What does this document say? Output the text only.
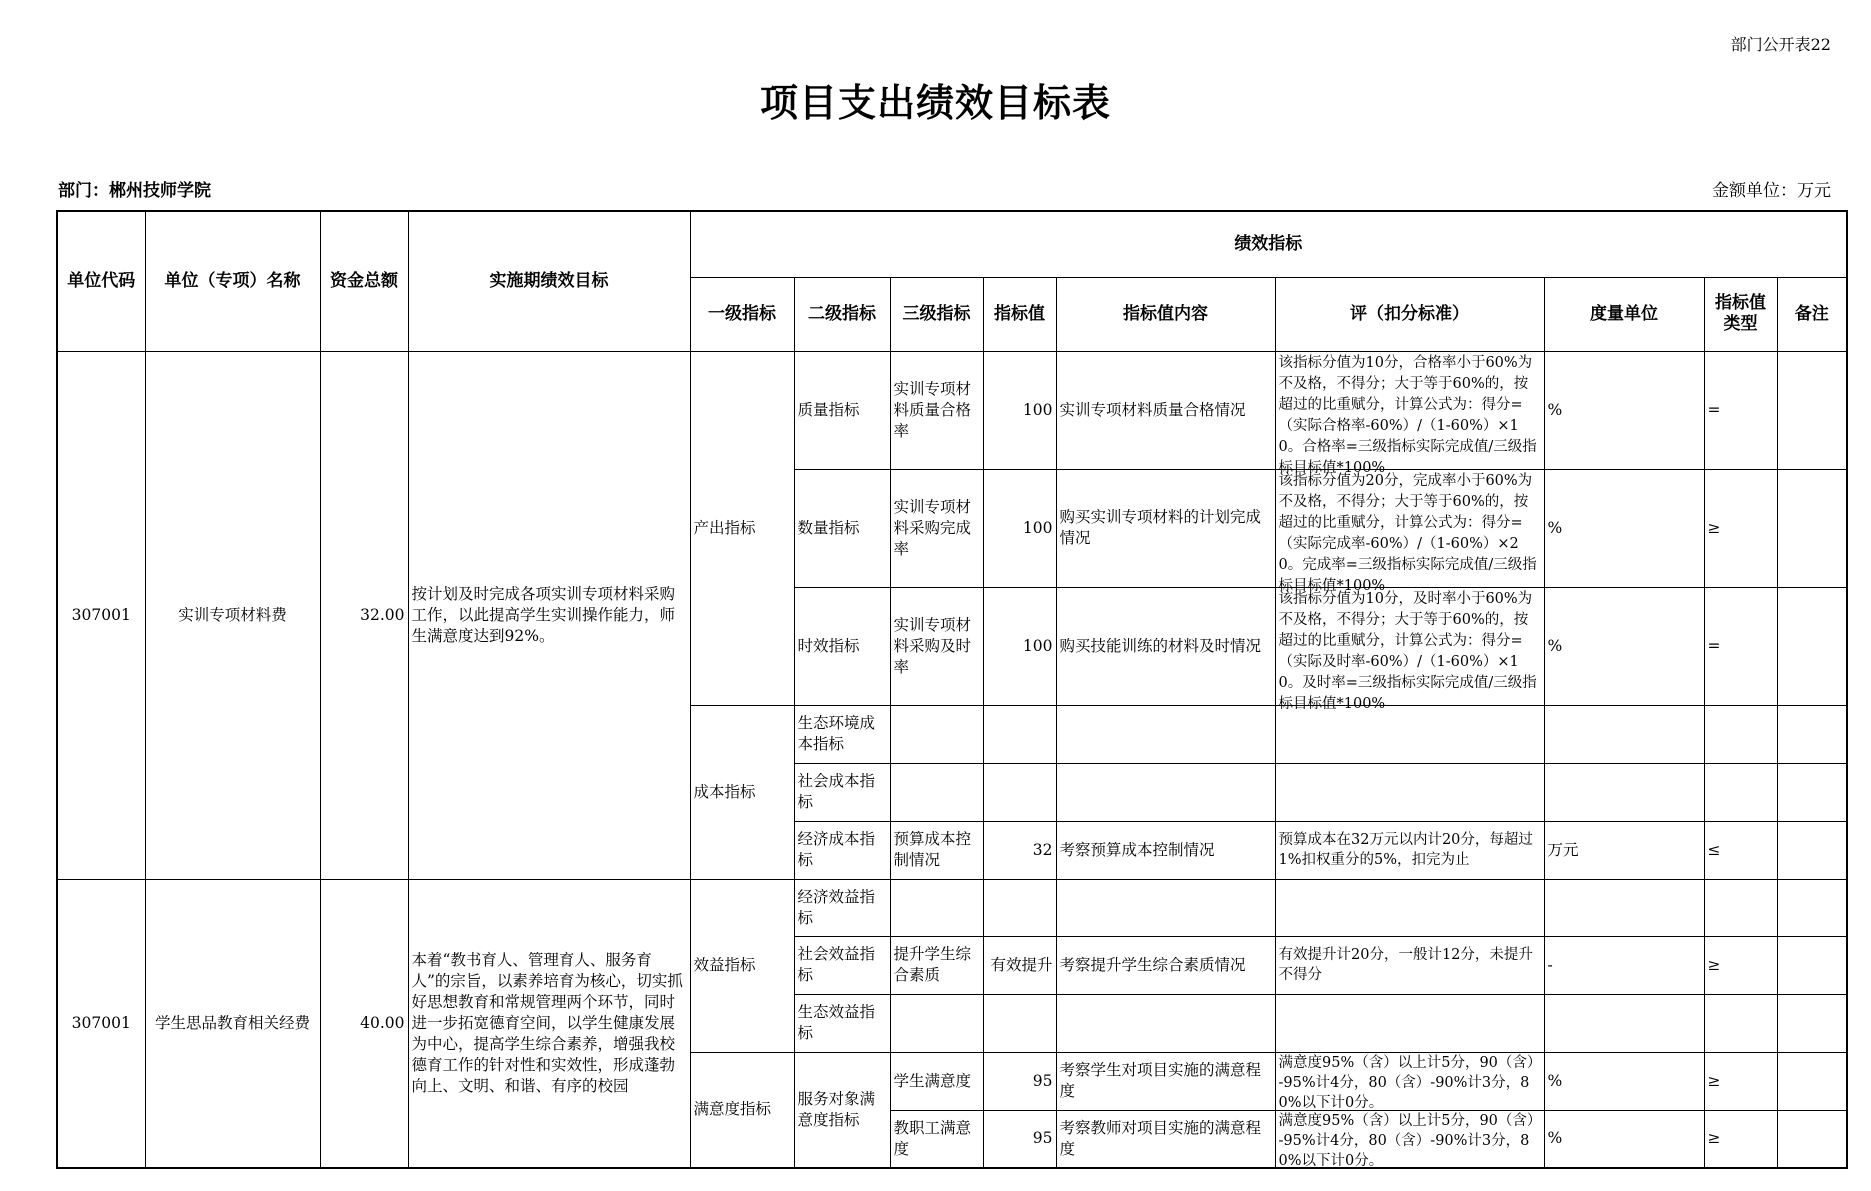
部门公开表22
项目支出绩效目标表
部门：郴州技师学院	金额单位：万元
单位代码	单位（专项）名称	资金总额	实施期绩效目标	绩效指标								
				一级指标	二级指标	三级指标	指标值	指标值内容	评（扣分标准）	度量单位	指标值类型	备注
307001	实训专项材料费	32.00	按计划及时完成各项实训专项材料采购工作，以此提高学生实训操作能力，师生满意度达到92%。	产出指标	质量指标	实训专项材料质量合格率	100	实训专项材料质量合格情况	该指标分值为10分，合格率小于60%为不及格，不得分；大于等于60%的，按超过的比重赋分，计算公式为：得分=（实际合格率-60%）/（1-60%）×10。合格率=三级指标实际完成值/三级指标目标值*100%	%	=	
					数量指标	实训专项材料采购完成率	100	购买实训专项材料的计划完成情况	该指标分值为20分，完成率小于60%为不及格，不得分；大于等于60%的，按超过的比重赋分，计算公式为：得分=（实际完成率-60%）/（1-60%）×20。完成率=三级指标实际完成值/三级指标目标值*100%	%	≥	
					时效指标	实训专项材料采购及时率	100	购买技能训练的材料及时情况	该指标分值为10分，及时率小于60%为不及格，不得分；大于等于60%的，按超过的比重赋分，计算公式为：得分=（实际及时率-60%）/（1-60%）×10。及时率=三级指标实际完成值/三级指标目标值*100%	%	=	
				成本指标	生态环境成本指标							
					社会成本指标							
					经济成本指标	预算成本控制情况	32	考察预算成本控制情况	预算成本在32万元以内计20分，每超过1%扣权重分的5%，扣完为止	万元	≤	
307001	学生思品教育相关经费	40.00	本着“教书育人、管理育人、服务育人”的宗旨，以素养培育为核心，切实抓好思想教育和常规管理两个环节，同时进一步拓宽德育空间，以学生健康发展为中心，提高学生综合素养，增强我校德育工作的针对性和实效性，形成蓬勃向上、文明、和谐、有序的校园	效益指标	经济效益指标							
					社会效益指标	提升学生综合素质	有效提升	考察提升学生综合素质情况	有效提升计20分，一般计12分，未提升不得分	-	≥	
					生态效益指标							
				满意度指标	服务对象满意度指标	学生满意度	95	考察学生对项目实施的满意程度	满意度95%（含）以上计5分，90（含）-95%计4分，80（含）-90%计3分，80%以下计0分。	%	≥	
						教职工满意度	95	考察教师对项目实施的满意程度	满意度95%（含）以上计5分，90（含）-95%计4分，80（含）-90%计3分，80%以下计0分。	%	≥	
